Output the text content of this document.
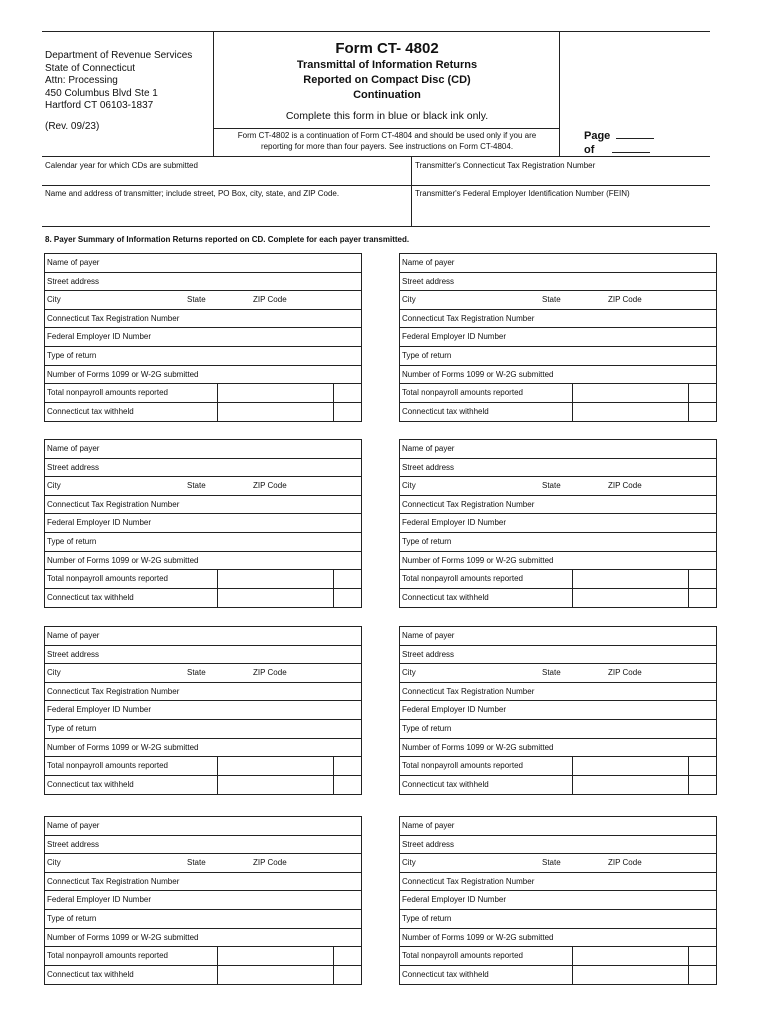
Department of Revenue Services
State of Connecticut
Attn: Processing
450 Columbus Blvd Ste 1
Hartford CT 06103-1837
(Rev. 09/23)
Form CT- 4802
Transmittal of Information Returns
Reported on Compact Disc (CD)
Continuation
Complete this form in blue or black ink only.
Form CT-4802 is a continuation of Form CT-4804 and should be used only if you are
reporting for more than four payers. See instructions on Form CT-4804.
Page
of
Calendar year for which CDs are submitted	Transmitter's Connecticut Tax Registration Number
Name and address of transmitter; include street, PO Box, city, state, and ZIP Code.	Transmitter's Federal Employer Identification Number (FEIN)
8. Payer Summary of Information Returns reported on CD. Complete for each payer transmitted.
Name of payer
Street address
City	State	ZIP Code
Connecticut Tax Registration Number
Federal Employer ID Number
Type of return
Number of Forms 1099 or W-2G submitted
Total nonpayroll amounts reported
Connecticut tax withheld
Name of payer
Street address
City	State	ZIP Code
Connecticut Tax Registration Number
Federal Employer ID Number
Type of return
Number of Forms 1099 or W-2G submitted
Total nonpayroll amounts reported
Connecticut tax withheld
Name of payer
Street address
City	State	ZIP Code
Connecticut Tax Registration Number
Federal Employer ID Number
Type of return
Number of Forms 1099 or W-2G submitted
Total nonpayroll amounts reported
Connecticut tax withheld
Name of payer
Street address
City	State	ZIP Code
Connecticut Tax Registration Number
Federal Employer ID Number
Type of return
Number of Forms 1099 or W-2G submitted
Total nonpayroll amounts reported
Connecticut tax withheld
Name of payer
Street address
City	State	ZIP Code
Connecticut Tax Registration Number
Federal Employer ID Number
Type of return
Number of Forms 1099 or W-2G submitted
Total nonpayroll amounts reported
Connecticut tax withheld
Name of payer
Street address
City	State	ZIP Code
Connecticut Tax Registration Number
Federal Employer ID Number
Type of return
Number of Forms 1099 or W-2G submitted
Total nonpayroll amounts reported
Connecticut tax withheld
Name of payer
Street address
City	State	ZIP Code
Connecticut Tax Registration Number
Federal Employer ID Number
Type of return
Number of Forms 1099 or W-2G submitted
Total nonpayroll amounts reported
Connecticut tax withheld
Name of payer
Street address
City	State	ZIP Code
Connecticut Tax Registration Number
Federal Employer ID Number
Type of return
Number of Forms 1099 or W-2G submitted
Total nonpayroll amounts reported
Connecticut tax withheld
